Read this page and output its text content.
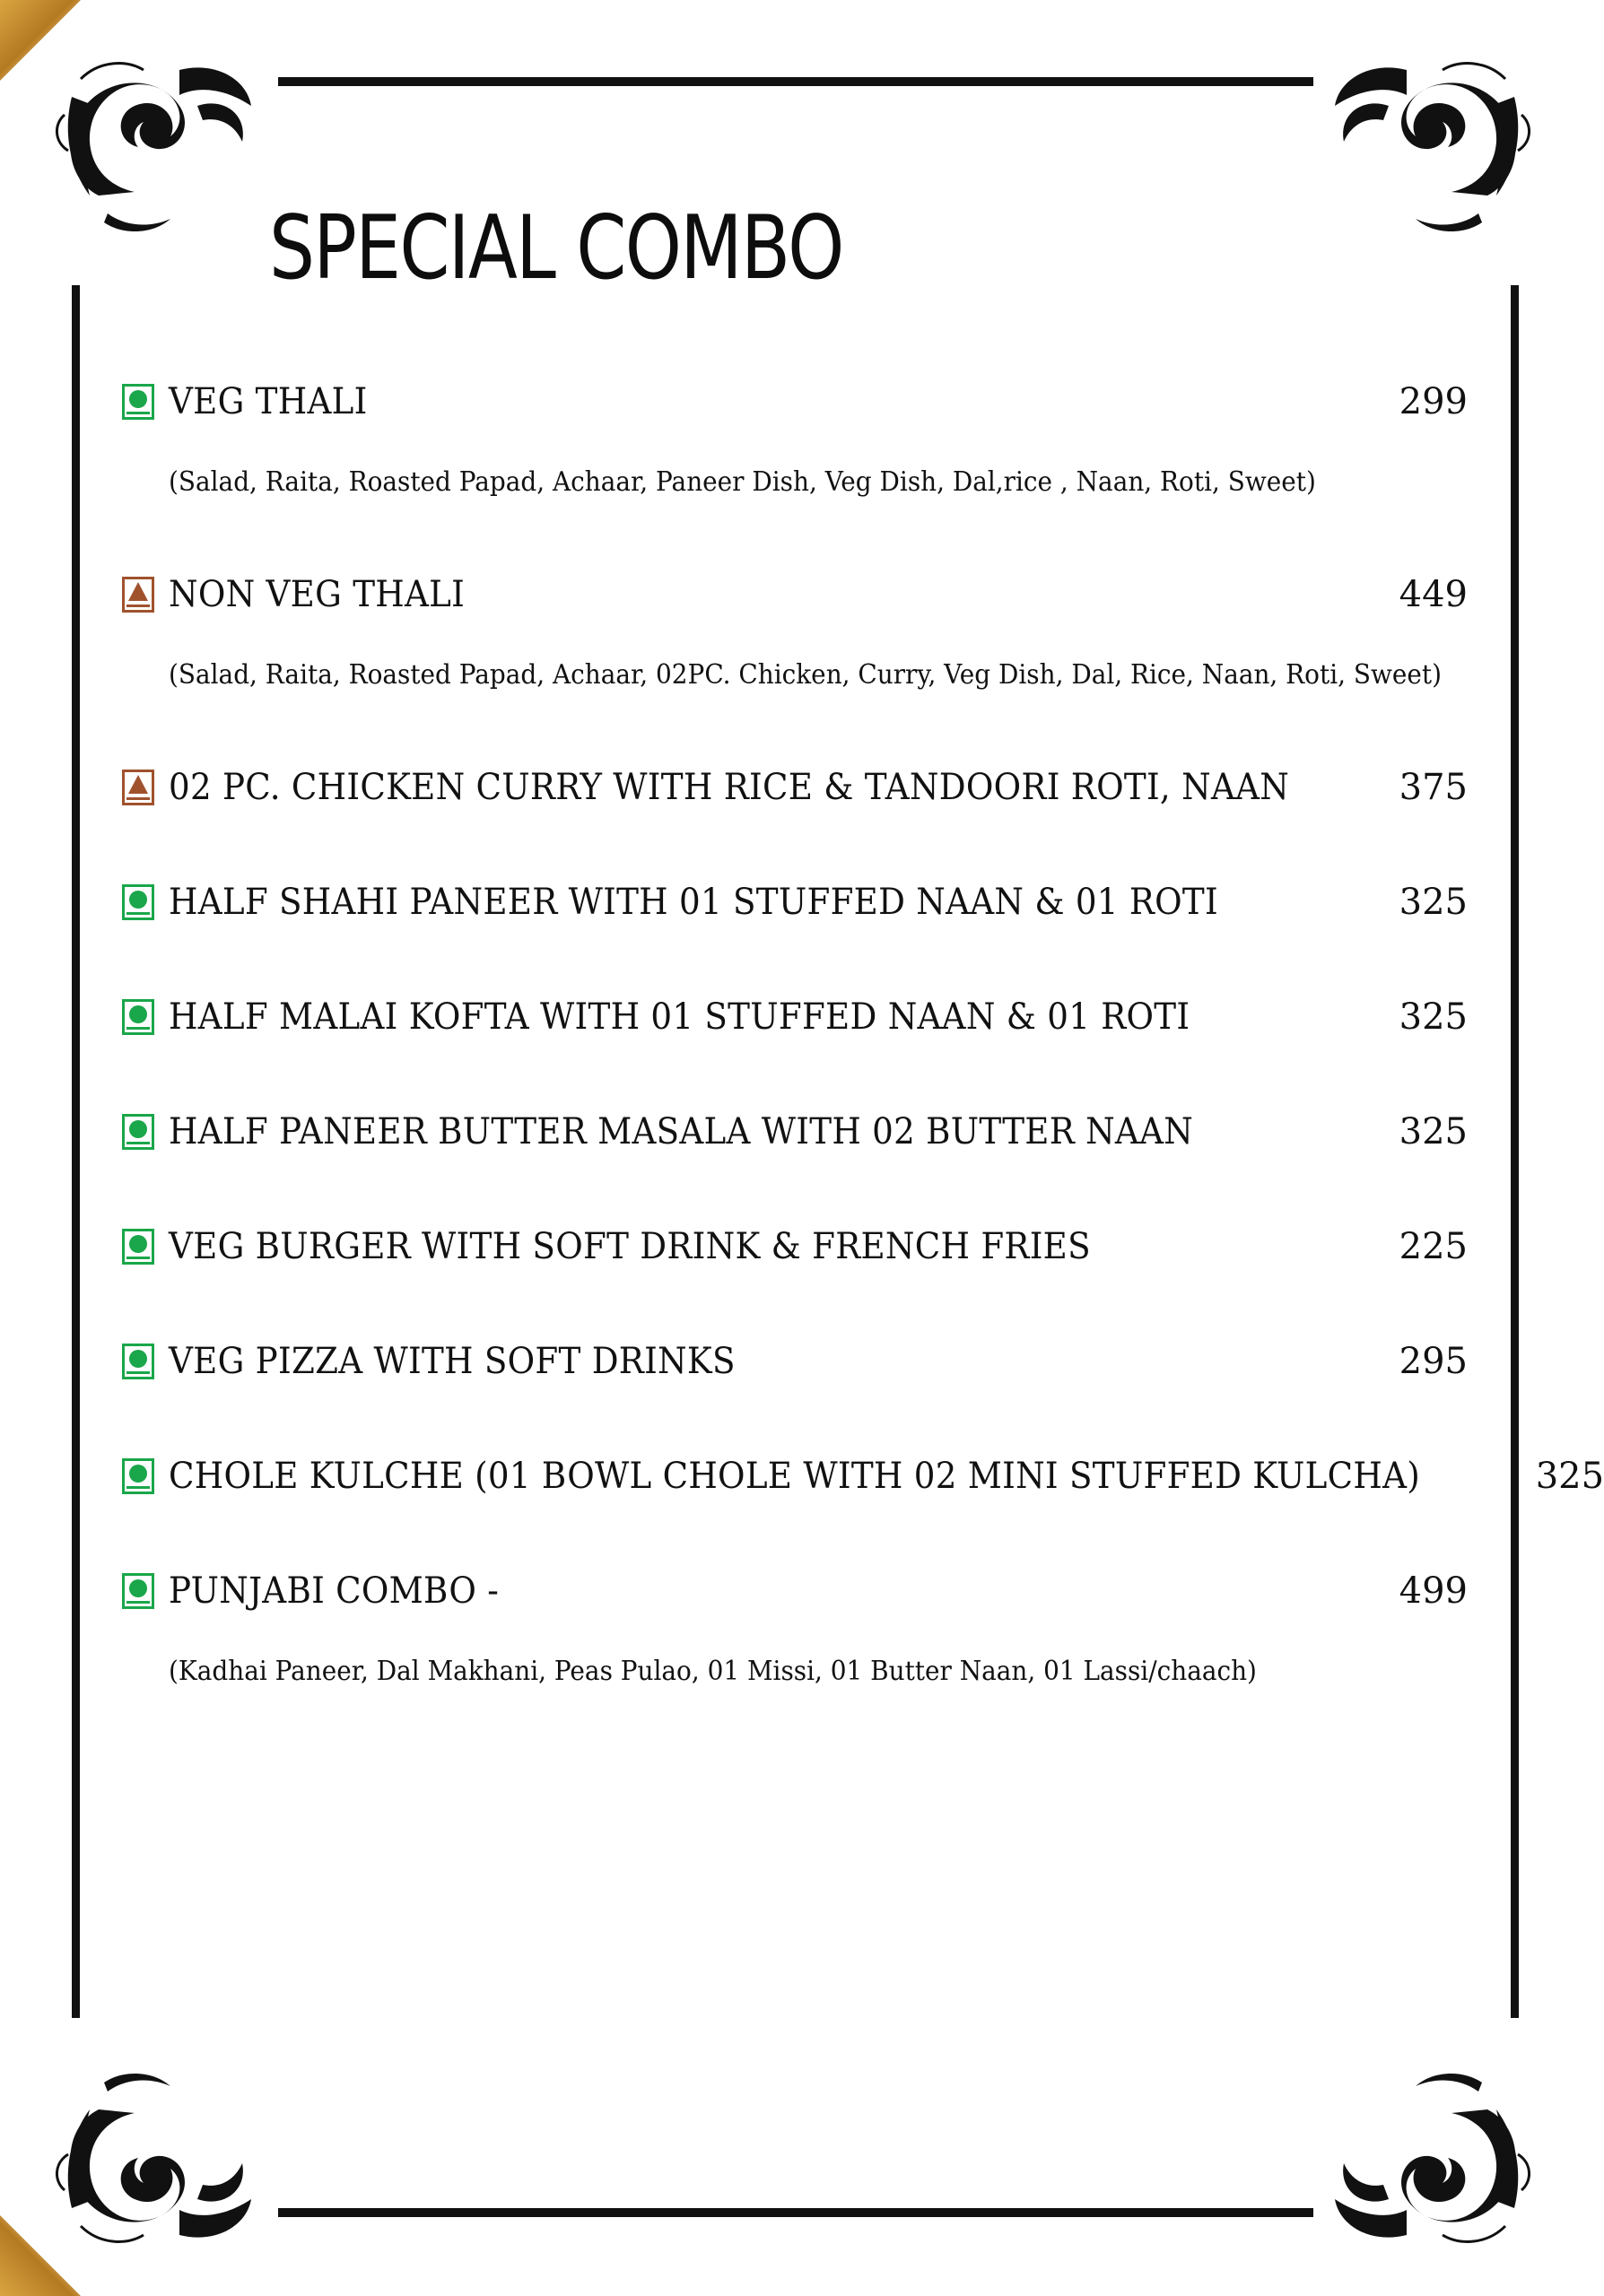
SPECIAL COMBO
VEG THALI	299
(Salad, Raita, Roasted Papad, Achaar, Paneer Dish, Veg Dish, Dal,rice , Naan, Roti, Sweet)
NON VEG THALI	449
(Salad, Raita, Roasted Papad, Achaar, 02PC. Chicken, Curry, Veg Dish, Dal, Rice, Naan, Roti, Sweet)
02 PC. CHICKEN CURRY WITH RICE & TANDOORI ROTI, NAAN	375
HALF SHAHI PANEER WITH 01 STUFFED NAAN & 01 ROTI	325
HALF MALAI KOFTA WITH 01 STUFFED NAAN & 01 ROTI	325
HALF PANEER BUTTER MASALA WITH 02 BUTTER NAAN	325
VEG BURGER WITH SOFT DRINK & FRENCH FRIES	225
VEG PIZZA WITH SOFT DRINKS	295
CHOLE KULCHE (01 BOWL CHOLE WITH 02 MINI STUFFED KULCHA)	325
PUNJABI COMBO -	499
(Kadhai Paneer, Dal Makhani, Peas Pulao, 01 Missi, 01 Butter Naan, 01 Lassi/chaach)
